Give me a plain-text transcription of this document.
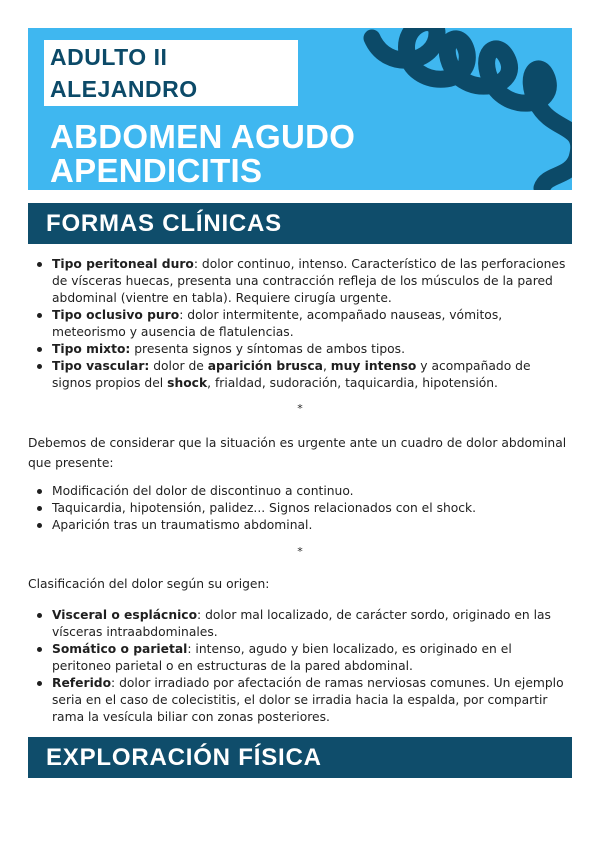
ADULTO II
ALEJANDRO
ABDOMEN AGUDO
APENDICITIS
FORMAS CLÍNICAS
Tipo peritoneal duro: dolor continuo, intenso. Característico de las perforaciones de vísceras huecas, presenta una contracción refleja de los músculos de la pared abdominal (vientre en tabla). Requiere cirugía urgente.
Tipo oclusivo puro: dolor intermitente, acompañado nauseas, vómitos, meteorismo y ausencia de flatulencias.
Tipo mixto: presenta signos y síntomas de ambos tipos.
Tipo vascular: dolor de aparición brusca, muy intenso y acompañado de signos propios del shock, frialdad, sudoración, taquicardia, hipotensión.
*
Debemos de considerar que la situación es urgente ante un cuadro de dolor abdominal que presente:
Modiﬁcación del dolor de discontinuo a continuo.
Taquicardia, hipotensión, palidez... Signos relacionados con el shock.
Aparición tras un traumatismo abdominal.
*
Clasiﬁcación del dolor según su origen:
Visceral o esplácnico: dolor mal localizado, de carácter sordo, originado en las vísceras intraabdominales.
Somático o parietal: intenso, agudo y bien localizado, es originado en el peritoneo parietal o en estructuras de la pared abdominal.
Referido: dolor irradiado por afectación de ramas nerviosas comunes. Un ejemplo seria en el caso de colecistitis, el dolor se irradia hacia la espalda, por compartir rama la vesícula biliar con zonas posteriores.
EXPLORACIÓN FÍSICA
